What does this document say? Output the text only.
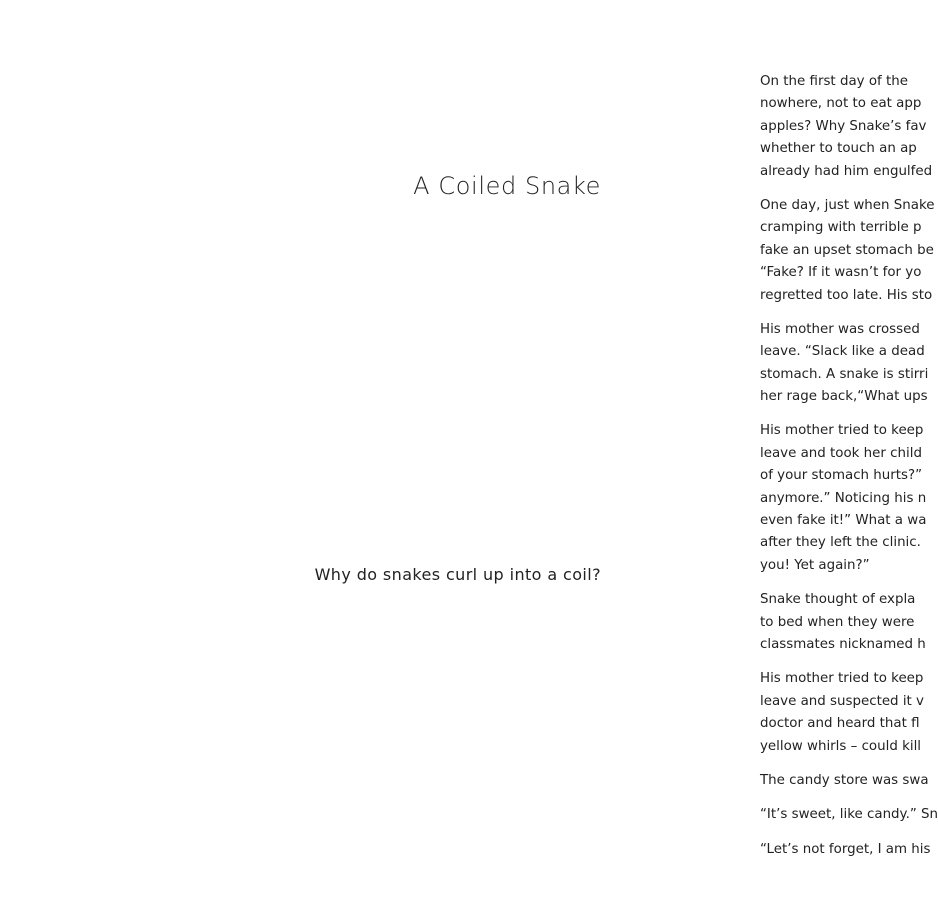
A Coiled Snake

Why do snakes curl up into a coil?

On the first day of the
nowhere, not to eat app
apples? Why Snake’s fav
whether to touch an ap
already had him engulfed
One day, just when Snake
cramping with terrible p
fake an upset stomach be
“Fake? If it wasn’t for yo
regretted too late. His sto
His mother was crossed
leave. “Slack like a dead
stomach. A snake is stirri
her rage back,“What ups
His mother tried to keep
leave and took her child
of your stomach hurts?”
anymore.” Noticing his n
even fake it!” What a wa
after they left the clinic.
you! Yet again?”
Snake thought of expla
to bed when they were
classmates nicknamed h
His mother tried to keep
leave and suspected it v
doctor and heard that fl
yellow whirls – could kill
The candy store was swa
“It’s sweet, like candy.” Sn
“Let’s not forget, I am his
